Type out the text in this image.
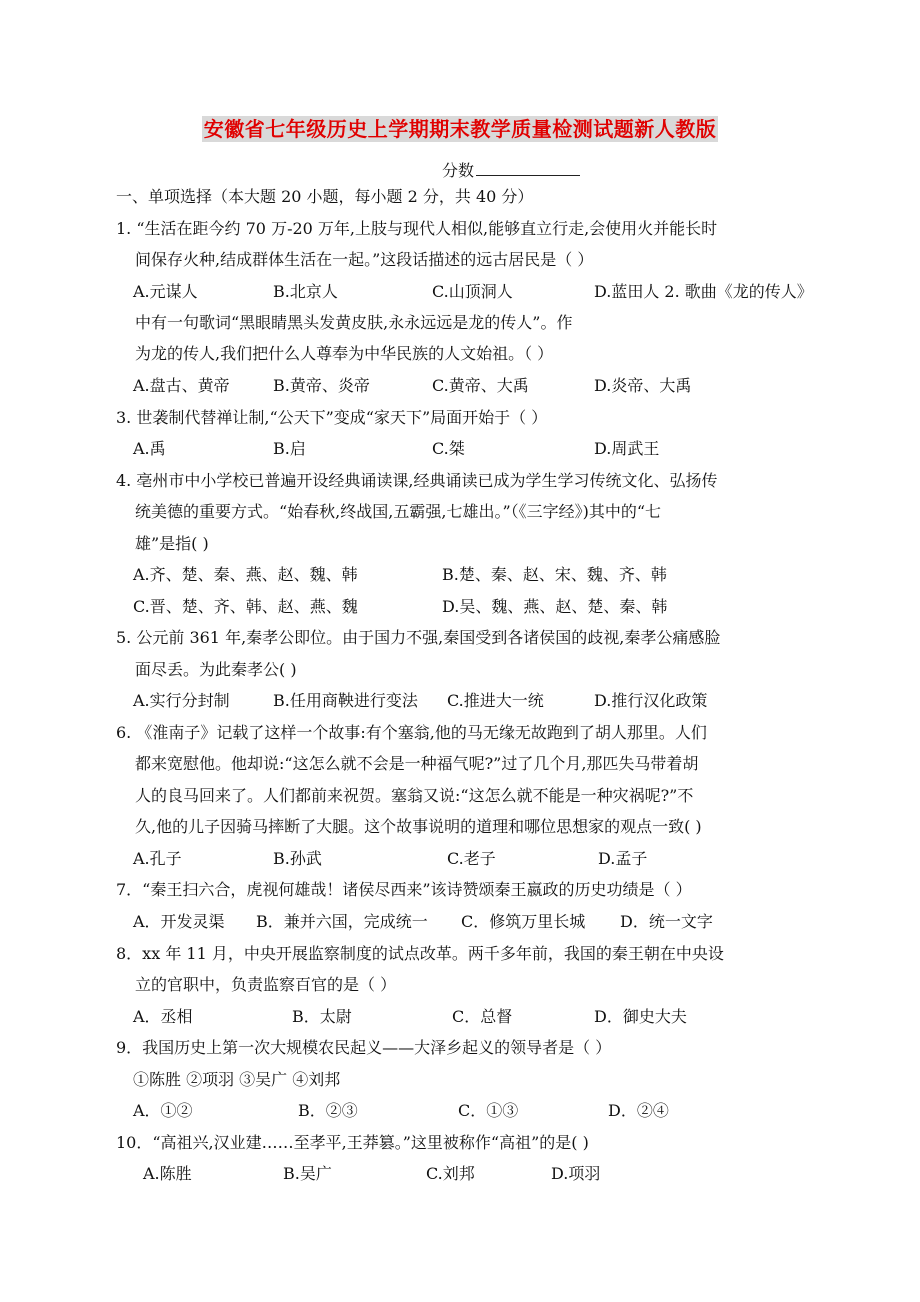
安徽省七年级历史上学期期末教学质量检测试题新人教版
分数
一、单项选择（本大题 20 小题，每小题 2 分，共 40 分）
1. “生活在距今约 70 万-20 万年,上肢与现代人相似,能够直立行走,会使用火并能长时
间保存火种,结成群体生活在一起。”这段话描述的远古居民是（ ）
A.元谋人	B.北京人	C.山顶洞人	D.蓝田人 2. 歌曲《龙的传人》
中有一句歌词“黑眼睛黑头发黄皮肤,永永远远是龙的传人”。作
为龙的传人,我们把什么人尊奉为中华民族的人文始祖。（ ）
A.盘古、黄帝	B.黄帝、炎帝	C.黄帝、大禹	D.炎帝、大禹
3. 世袭制代替禅让制,“公天下”变成“家天下”局面开始于（ ）
A.禹	B.启	C.桀	D.周武王
4. 亳州市中小学校已普遍开设经典诵读课,经典诵读已成为学生学习传统文化、弘扬传
统美德的重要方式。“始春秋,终战国,五霸强,七雄出。”（《三字经》)其中的“七
雄”是指( )
A.齐、楚、秦、燕、赵、魏、韩	B.楚、秦、赵、宋、魏、齐、韩
C.晋、楚、齐、韩、赵、燕、魏	D.吴、魏、燕、赵、楚、秦、韩
5. 公元前 361 年,秦孝公即位。由于国力不强,秦国受到各诸侯国的歧视,秦孝公痛感脸
面尽丢。为此秦孝公( )
A.实行分封制	B.任用商鞅进行变法 C.推进大一统	D.推行汉化政策
6. 《淮南子》记载了这样一个故事:有个塞翁,他的马无缘无故跑到了胡人那里。人们
都来宽慰他。他却说:“这怎么就不会是一种福气呢?”过了几个月,那匹失马带着胡
人的良马回来了。人们都前来祝贺。塞翁又说:“这怎么就不能是一种灾祸呢?”不
久,他的儿子因骑马摔断了大腿。这个故事说明的道理和哪位思想家的观点一致( )
A.孔子	B.孙武	C.老子	D.孟子
7．“秦王扫六合，虎视何雄哉！诸侯尽西来”该诗赞颂秦王嬴政的历史功绩是（ ）
A．开发灵渠 B．兼并六国，完成统一 C．修筑万里长城 D．统一文字
8．xx 年 11 月，中央开展监察制度的试点改革。两千多年前，我国的秦王朝在中央设
立的官职中，负责监察百官的是（ ）
A．丞相	B．太尉	C．总督	D．御史大夫
9．我国历史上第一次大规模农民起义——大泽乡起义的领导者是（ ）
①陈胜 ②项羽 ③吴广 ④刘邦
A．①②	B．②③	C．①③	D．②④
10．“高祖兴,汉业建……至孝平,王莽篡。”这里被称作“高祖”的是( )
A.陈胜	B.吴广	C.刘邦	D.项羽
